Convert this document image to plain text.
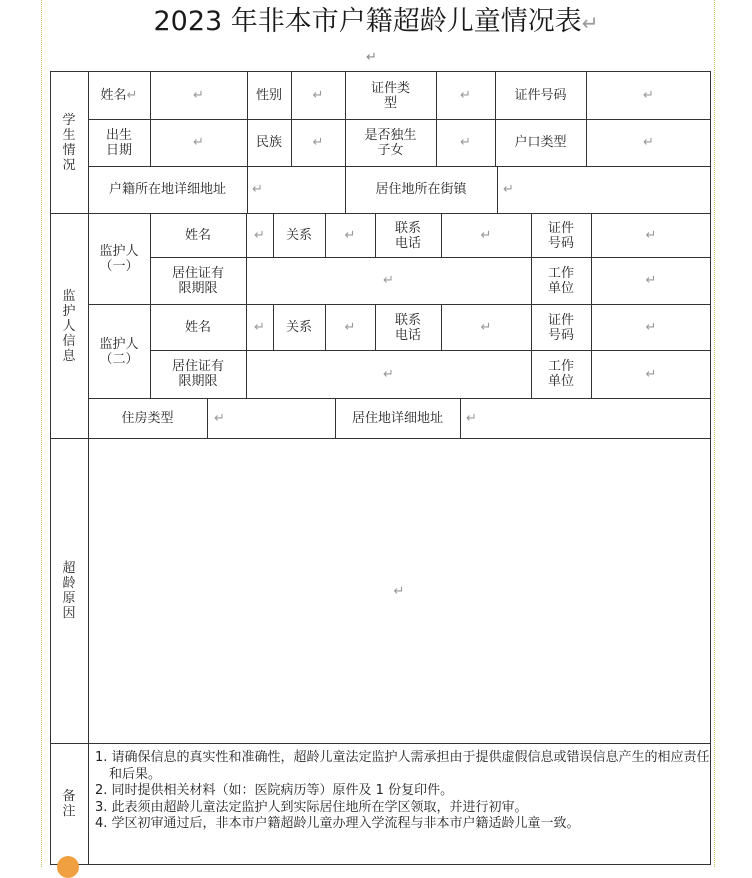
2023 年非本市户籍超龄儿童情况表↵
↵
学生情况
姓名 ↵	↵	性别 ↵	证件类型	↵	证件号码	↵
出生日期	↵	民族 ↵	是否独生子女	↵	户口类型	↵
户籍所在地详细地址 ↵	居住地所在街镇	↵
监护人信息
监护人（一）
姓名	↵ 关系	↵	联系电话	↵	证件号码	↵
居住证有限期限	↵	工作单位	↵
监护人（二）
姓名	↵ 关系	↵	联系电话	↵	证件号码	↵
居住证有限期限	↵	工作单位	↵
住房类型	↵	居住地详细地址 ↵
超龄原因
↵
备注
1. 请确保信息的真实性和准确性，超龄儿童法定监护人需承担由于提供虚假信息或错误信息产生的相应责任和后果。
2. 同时提供相关材料（如：医院病历等）原件及 1 份复印件。
3. 此表须由超龄儿童法定监护人到实际居住地所在学区领取，并进行初审。
4. 学区初审通过后，非本市户籍超龄儿童办理入学流程与非本市户籍适龄儿童一致。
